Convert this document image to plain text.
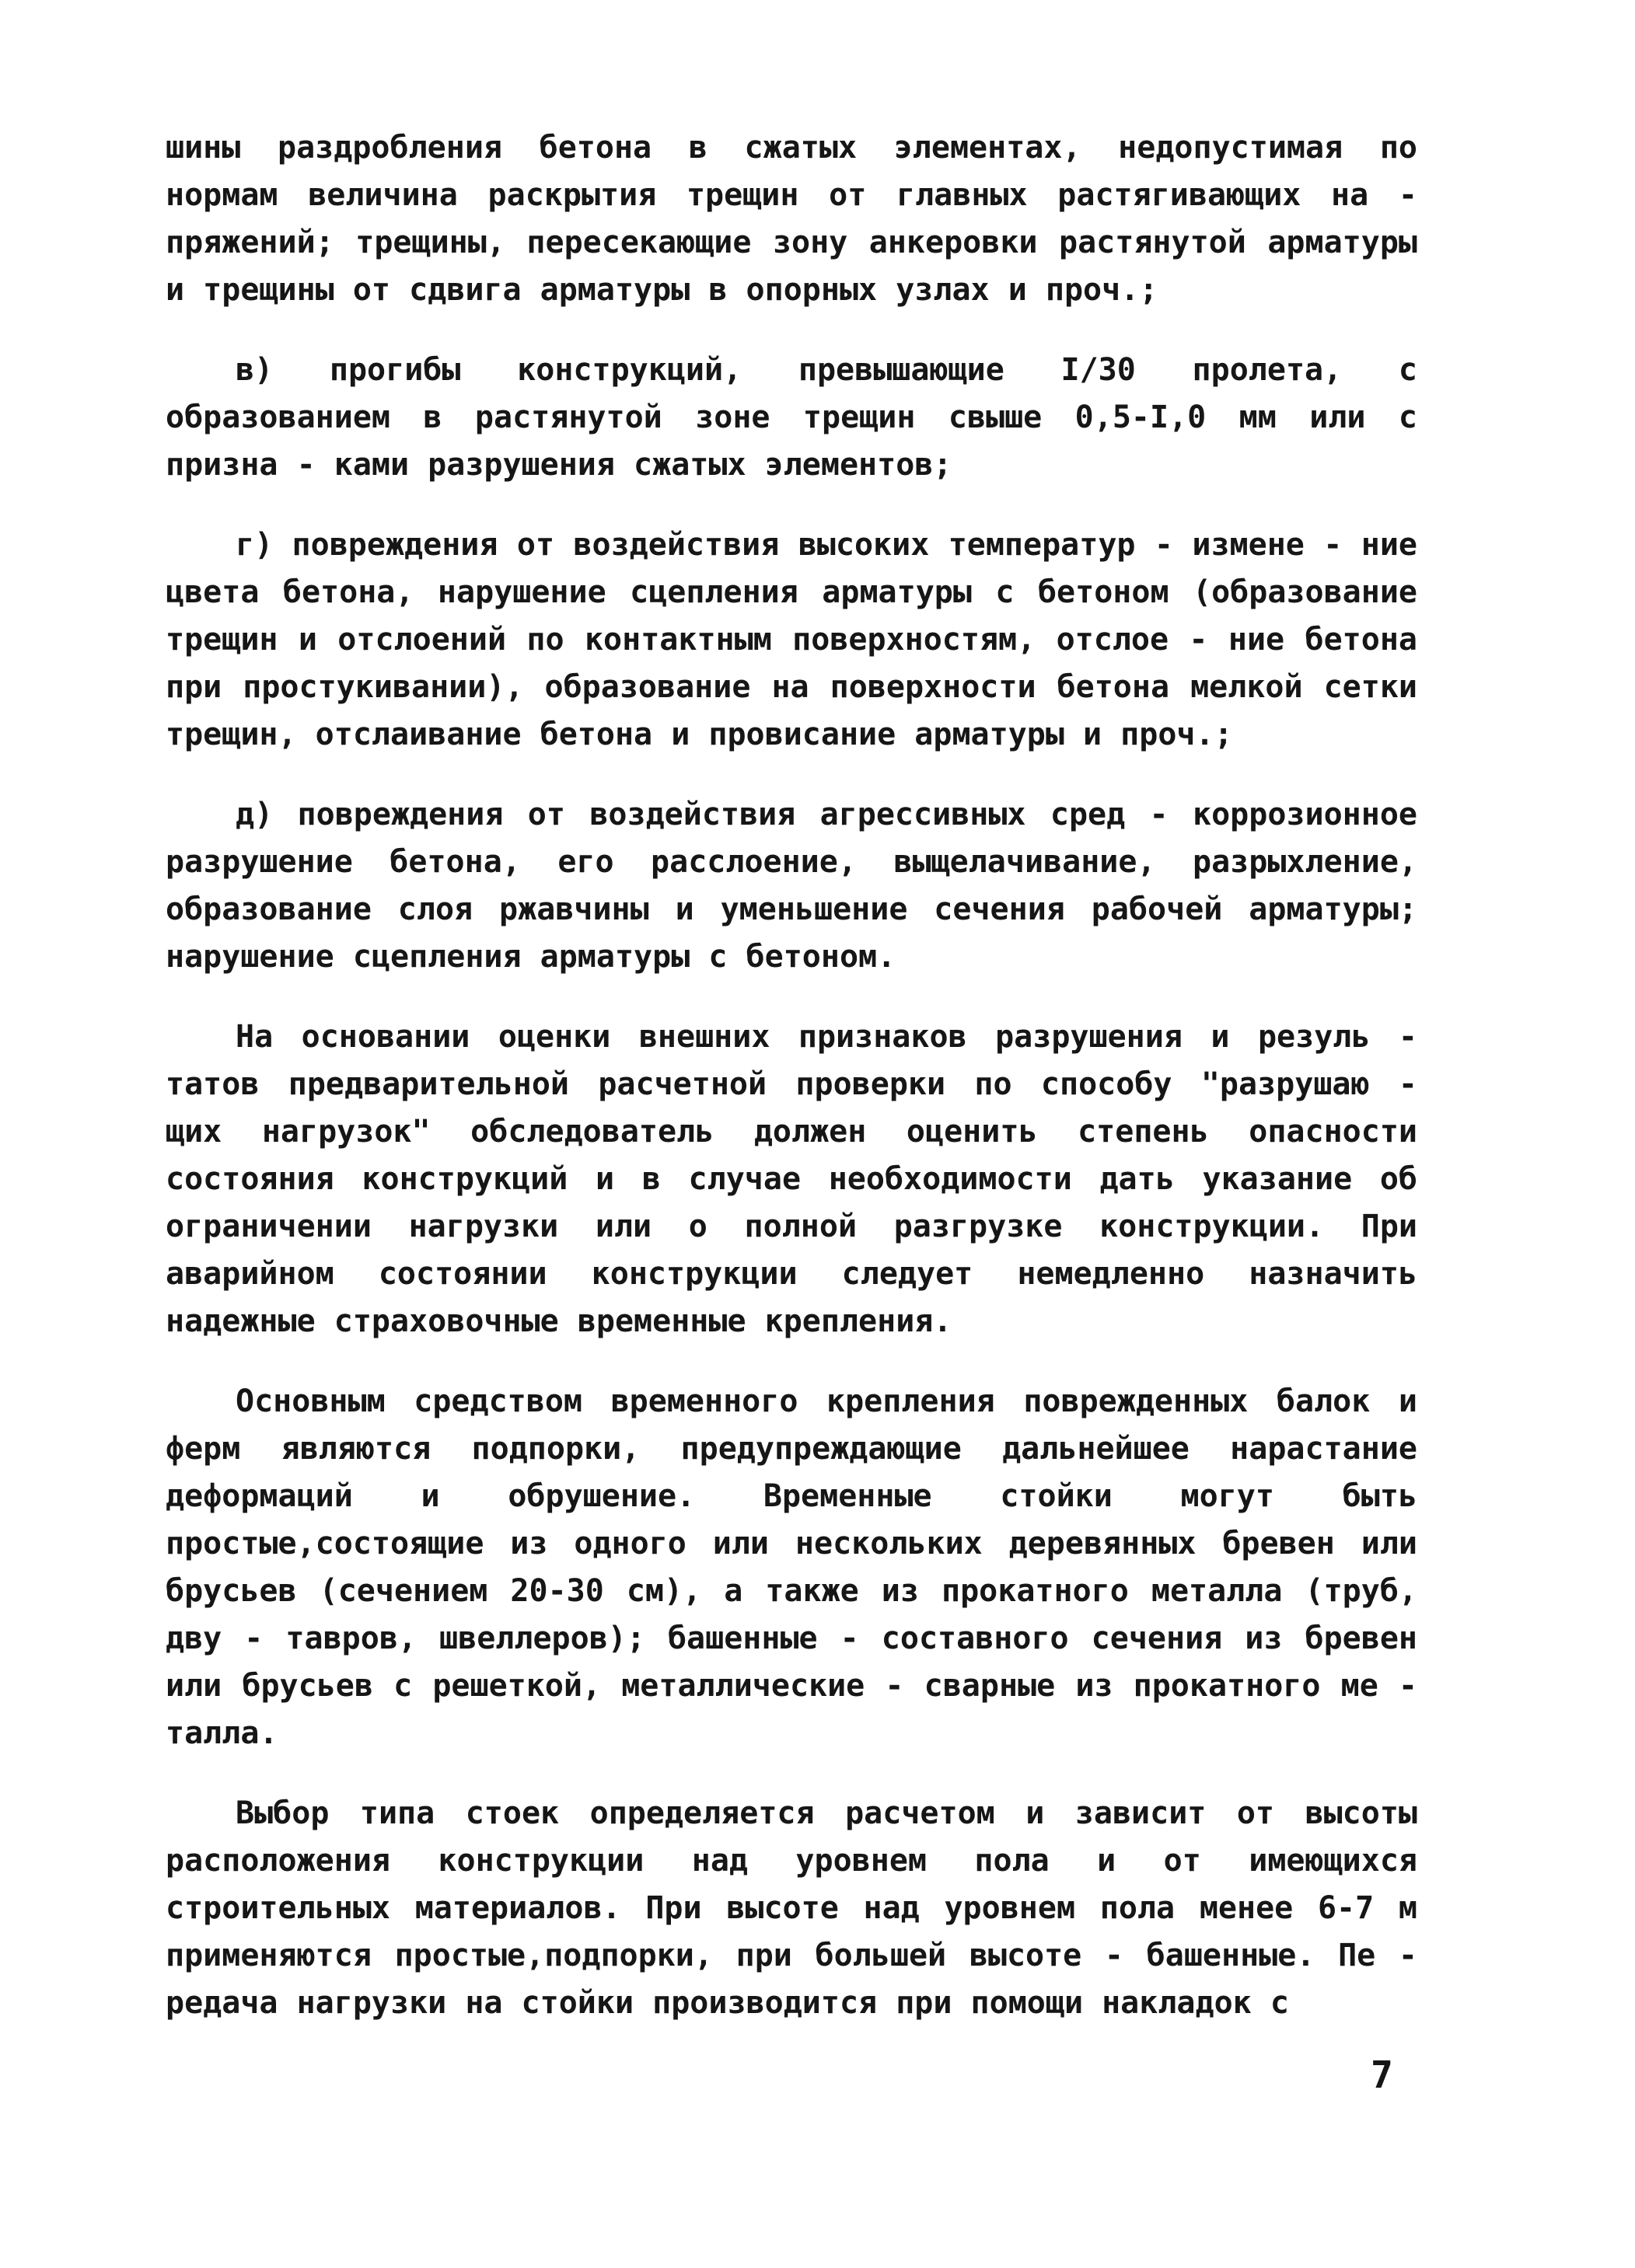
шины раздробления бетона в сжатых элементах, недопустимая по нормам величина раскрытия трещин от главных растягивающих на - пряжений; трещины, пересекающие зону анкеровки растянутой арматуры и трещины от сдвига арматуры в опорных узлах и проч.;

в) прогибы конструкций, превышающие I/30 пролета, с образованием в растянутой зоне трещин свыше 0,5-I,0 мм или с призна - ками разрушения сжатых элементов;

г) повреждения от воздействия высоких температур - измене - ние цвета бетона, нарушение сцепления арматуры с бетоном (образование трещин и отслоений по контактным поверхностям, отслое - ние бетона при простукивании), образование на поверхности бетона мелкой сетки трещин, отслаивание бетона и провисание арматуры и проч.;

д) повреждения от воздействия агрессивных сред - коррозионное разрушение бетона, его расслоение, выщелачивание, разрыхление, образование слоя ржавчины и уменьшение сечения рабочей арматуры; нарушение сцепления арматуры с бетоном.

На основании оценки внешних признаков разрушения и резуль - татов предварительной расчетной проверки по способу "разрушаю - щих нагрузок" обследователь должен оценить степень опасности состояния конструкций и в случае необходимости дать указание об ограничении нагрузки или о полной разгрузке конструкции. При аварийном состоянии конструкции следует немедленно назначить надежные страховочные временные крепления.

Основным средством временного крепления поврежденных балок и ферм являются подпорки, предупреждающие дальнейшее нарастание деформаций и обрушение. Временные стойки могут быть простые,состоящие из одного или нескольких деревянных бревен или брусьев (сечением 20-30 см), а также из прокатного металла (труб, дву - тавров, швеллеров); башенные - составного сечения из бревен или брусьев с решеткой, металлические - сварные из прокатного ме - талла.

Выбор типа стоек определяется расчетом и зависит от высоты расположения конструкции над уровнем пола и от имеющихся строительных материалов. При высоте над уровнем пола менее 6-7 м применяются простые,подпорки, при большей высоте - башенные. Пе - редача нагрузки на стойки производится при помощи накладок с

7
